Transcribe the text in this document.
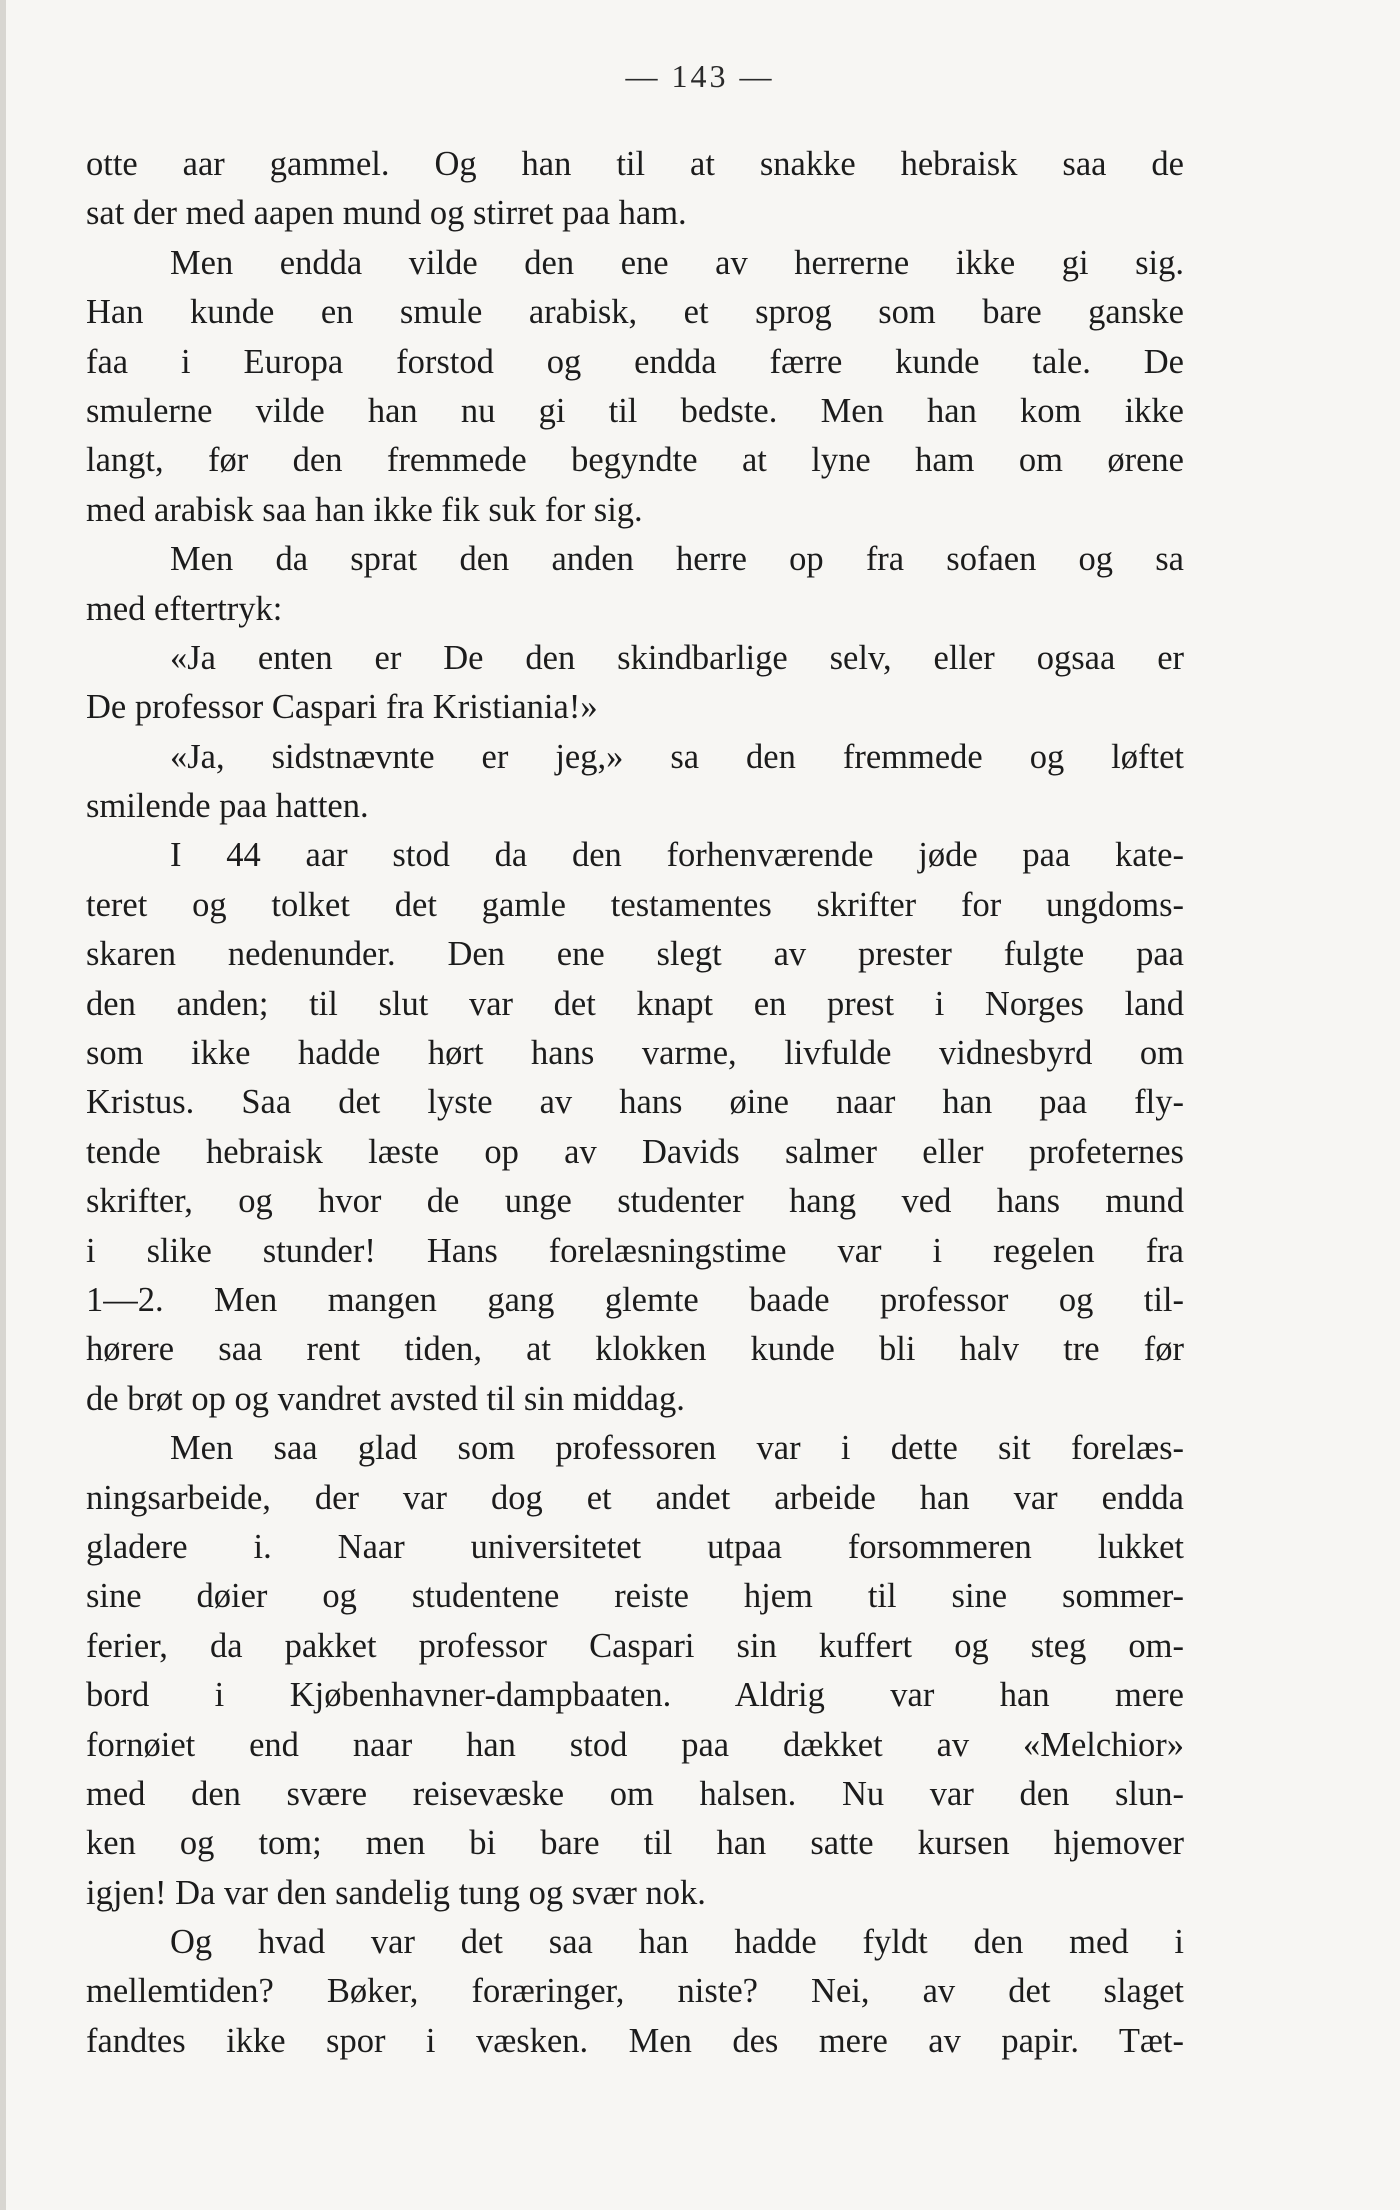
— 143 —
otte aar gammel. Og han til at snakke hebraisk saa de
sat der med aapen mund og stirret paa ham.
Men endda vilde den ene av herrerne ikke gi sig.
Han kunde en smule arabisk, et sprog som bare ganske
faa i Europa forstod og endda færre kunde tale. De
smulerne vilde han nu gi til bedste. Men han kom ikke
langt, før den fremmede begyndte at lyne ham om ørene
med arabisk saa han ikke fik suk for sig.
Men da sprat den anden herre op fra sofaen og sa
med eftertryk:
«Ja enten er De den skindbarlige selv, eller ogsaa er
De professor Caspari fra Kristiania!»
«Ja, sidstnævnte er jeg,» sa den fremmede og løftet
smilende paa hatten.
I 44 aar stod da den forhenværende jøde paa kate-
teret og tolket det gamle testamentes skrifter for ungdoms-
skaren nedenunder. Den ene slegt av prester fulgte paa
den anden; til slut var det knapt en prest i Norges land
som ikke hadde hørt hans varme, livfulde vidnesbyrd om
Kristus. Saa det lyste av hans øine naar han paa fly-
tende hebraisk læste op av Davids salmer eller profeternes
skrifter, og hvor de unge studenter hang ved hans mund
i slike stunder! Hans forelæsningstime var i regelen fra
1—2. Men mangen gang glemte baade professor og til-
hørere saa rent tiden, at klokken kunde bli halv tre før
de brøt op og vandret avsted til sin middag.
Men saa glad som professoren var i dette sit forelæs-
ningsarbeide, der var dog et andet arbeide han var endda
gladere i. Naar universitetet utpaa forsommeren lukket
sine døier og studentene reiste hjem til sine sommer-
ferier, da pakket professor Caspari sin kuffert og steg om-
bord i Kjøbenhavner-dampbaaten. Aldrig var han mere
fornøiet end naar han stod paa dækket av «Melchior»
med den svære reisevæske om halsen. Nu var den slun-
ken og tom; men bi bare til han satte kursen hjemover
igjen! Da var den sandelig tung og svær nok.
Og hvad var det saa han hadde fyldt den med i
mellemtiden? Bøker, foræringer, niste? Nei, av det slaget
fandtes ikke spor i væsken. Men des mere av papir. Tæt-
